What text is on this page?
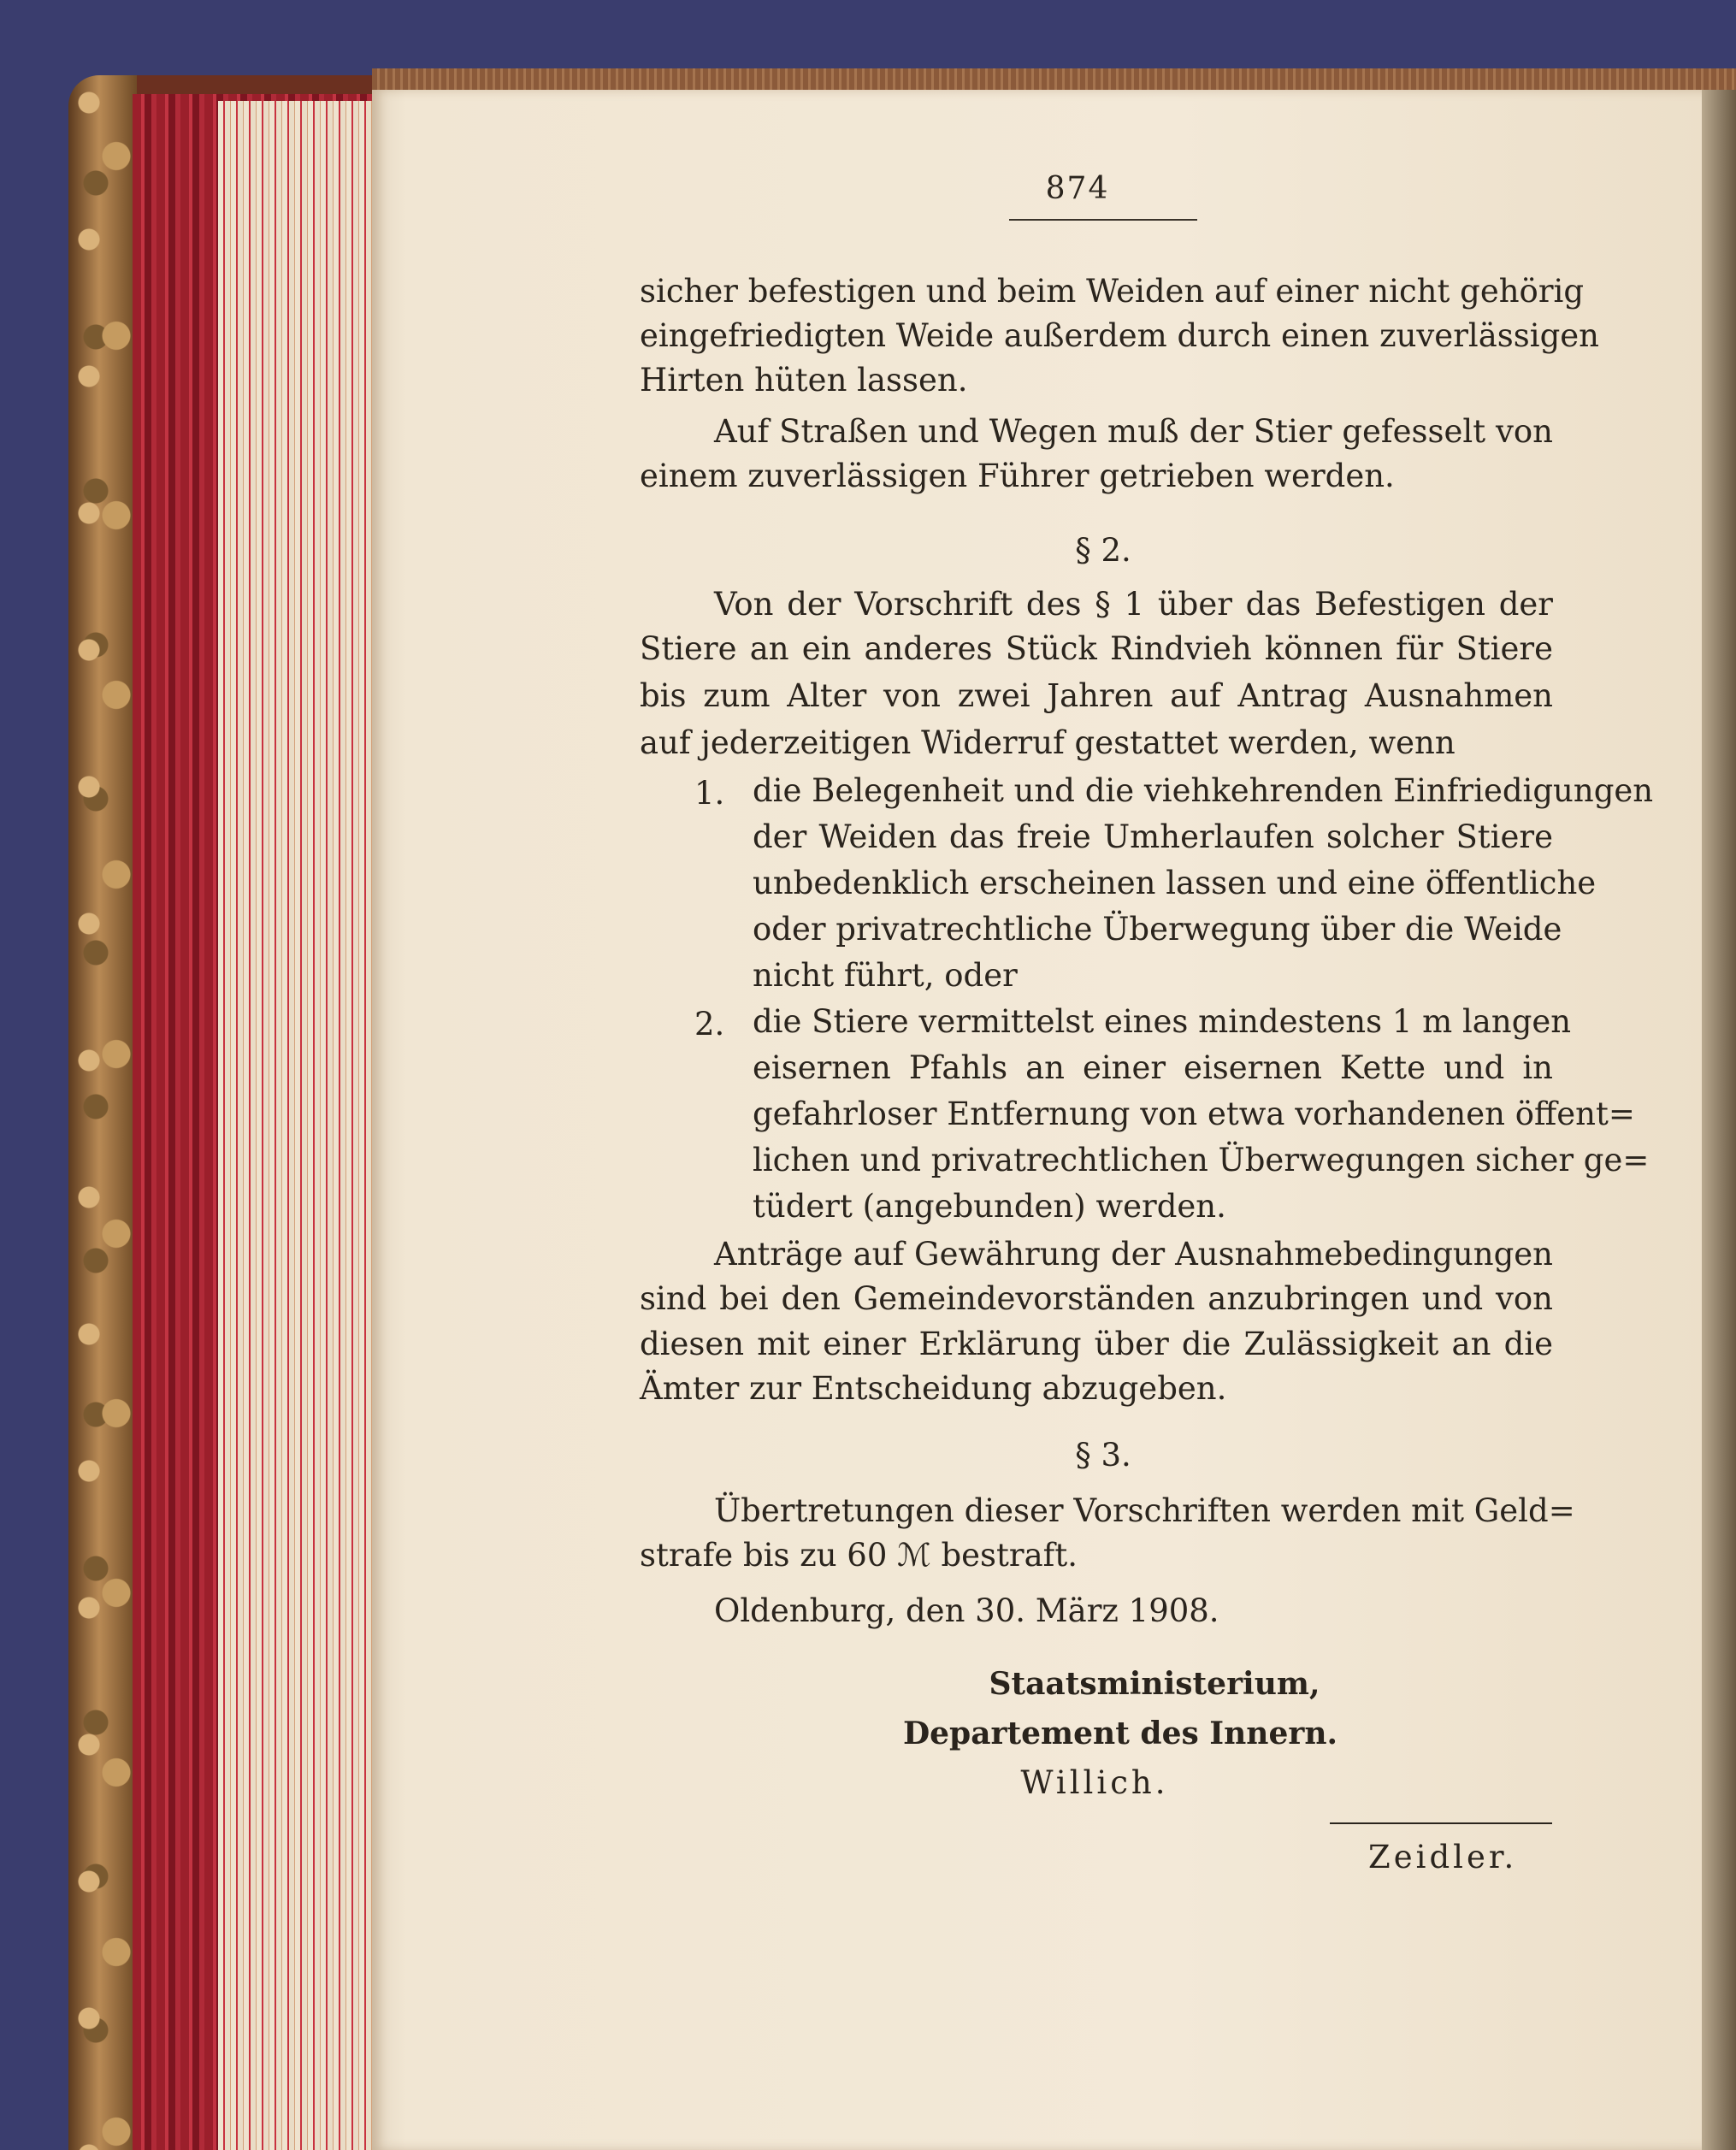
874
sicher befestigen und beim Weiden auf einer nicht gehörig
eingefriedigten Weide außerdem durch einen zuverlässigen
Hirten hüten lassen.
Auf Straßen und Wegen muß der Stier gefesselt von
einem zuverlässigen Führer getrieben werden.
§ 2.
Von der Vorschrift des § 1 über das Befestigen der
Stiere an ein anderes Stück Rindvieh können für Stiere
bis zum Alter von zwei Jahren auf Antrag Ausnahmen
auf jederzeitigen Widerruf gestattet werden, wenn
1. die Belegenheit und die viehkehrenden Einfriedigungen
der Weiden das freie Umherlaufen solcher Stiere
unbedenklich erscheinen lassen und eine öffentliche
oder privatrechtliche Überwegung über die Weide
nicht führt, oder
2. die Stiere vermittelst eines mindestens 1 m langen
eisernen Pfahls an einer eisernen Kette und in
gefahrloser Entfernung von etwa vorhandenen öffent=
lichen und privatrechtlichen Überwegungen sicher ge=
tüdert (angebunden) werden.
Anträge auf Gewährung der Ausnahmebedingungen
sind bei den Gemeindevorständen anzubringen und von
diesen mit einer Erklärung über die Zulässigkeit an die
Ämter zur Entscheidung abzugeben.
§ 3.
Übertretungen dieser Vorschriften werden mit Geld=
strafe bis zu 60 ℳ bestraft.
Oldenburg, den 30. März 1908.
Staatsministerium,
Departement des Innern.
Willich.
Zeidler.
